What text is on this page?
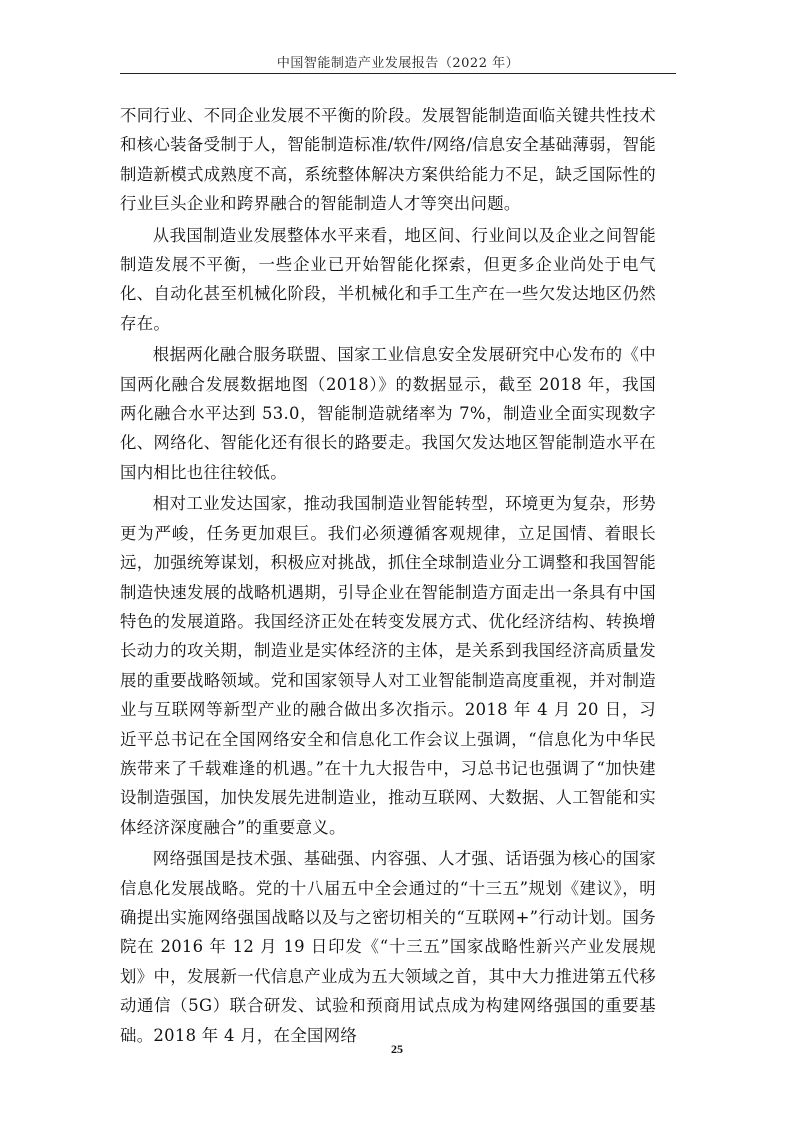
中国智能制造产业发展报告（2022 年）

不同行业、不同企业发展不平衡的阶段。发展智能制造面临关键共性技术和核心装备受制于人，智能制造标准/软件/网络/信息安全基础薄弱，智能制造新模式成熟度不高，系统整体解决方案供给能力不足，缺乏国际性的行业巨头企业和跨界融合的智能制造人才等突出问题。

从我国制造业发展整体水平来看，地区间、行业间以及企业之间智能制造发展不平衡，一些企业已开始智能化探索，但更多企业尚处于电气化、自动化甚至机械化阶段，半机械化和手工生产在一些欠发达地区仍然存在。

根据两化融合服务联盟、国家工业信息安全发展研究中心发布的《中国两化融合发展数据地图（2018）》的数据显示，截至 2018 年，我国两化融合水平达到 53.0，智能制造就绪率为 7%，制造业全面实现数字化、网络化、智能化还有很长的路要走。我国欠发达地区智能制造水平在国内相比也往往较低。

相对工业发达国家，推动我国制造业智能转型，环境更为复杂，形势更为严峻，任务更加艰巨。我们必须遵循客观规律，立足国情、着眼长远，加强统筹谋划，积极应对挑战，抓住全球制造业分工调整和我国智能制造快速发展的战略机遇期，引导企业在智能制造方面走出一条具有中国特色的发展道路。我国经济正处在转变发展方式、优化经济结构、转换增长动力的攻关期，制造业是实体经济的主体，是关系到我国经济高质量发展的重要战略领域。党和国家领导人对工业智能制造高度重视，并对制造业与互联网等新型产业的融合做出多次指示。2018 年 4 月 20 日，习近平总书记在全国网络安全和信息化工作会议上强调，“信息化为中华民族带来了千载难逢的机遇。”在十九大报告中，习总书记也强调了“加快建设制造强国，加快发展先进制造业，推动互联网、大数据、人工智能和实体经济深度融合”的重要意义。

网络强国是技术强、基础强、内容强、人才强、话语强为核心的国家信息化发展战略。党的十八届五中全会通过的“十三五”规划《建议》，明确提出实施网络强国战略以及与之密切相关的“互联网+”行动计划。国务院在 2016 年 12 月 19 日印发《“十三五”国家战略性新兴产业发展规划》中，发展新一代信息产业成为五大领域之首，其中大力推进第五代移动通信（5G）联合研发、试验和预商用试点成为构建网络强国的重要基础。2018 年 4 月，在全国网络

25
